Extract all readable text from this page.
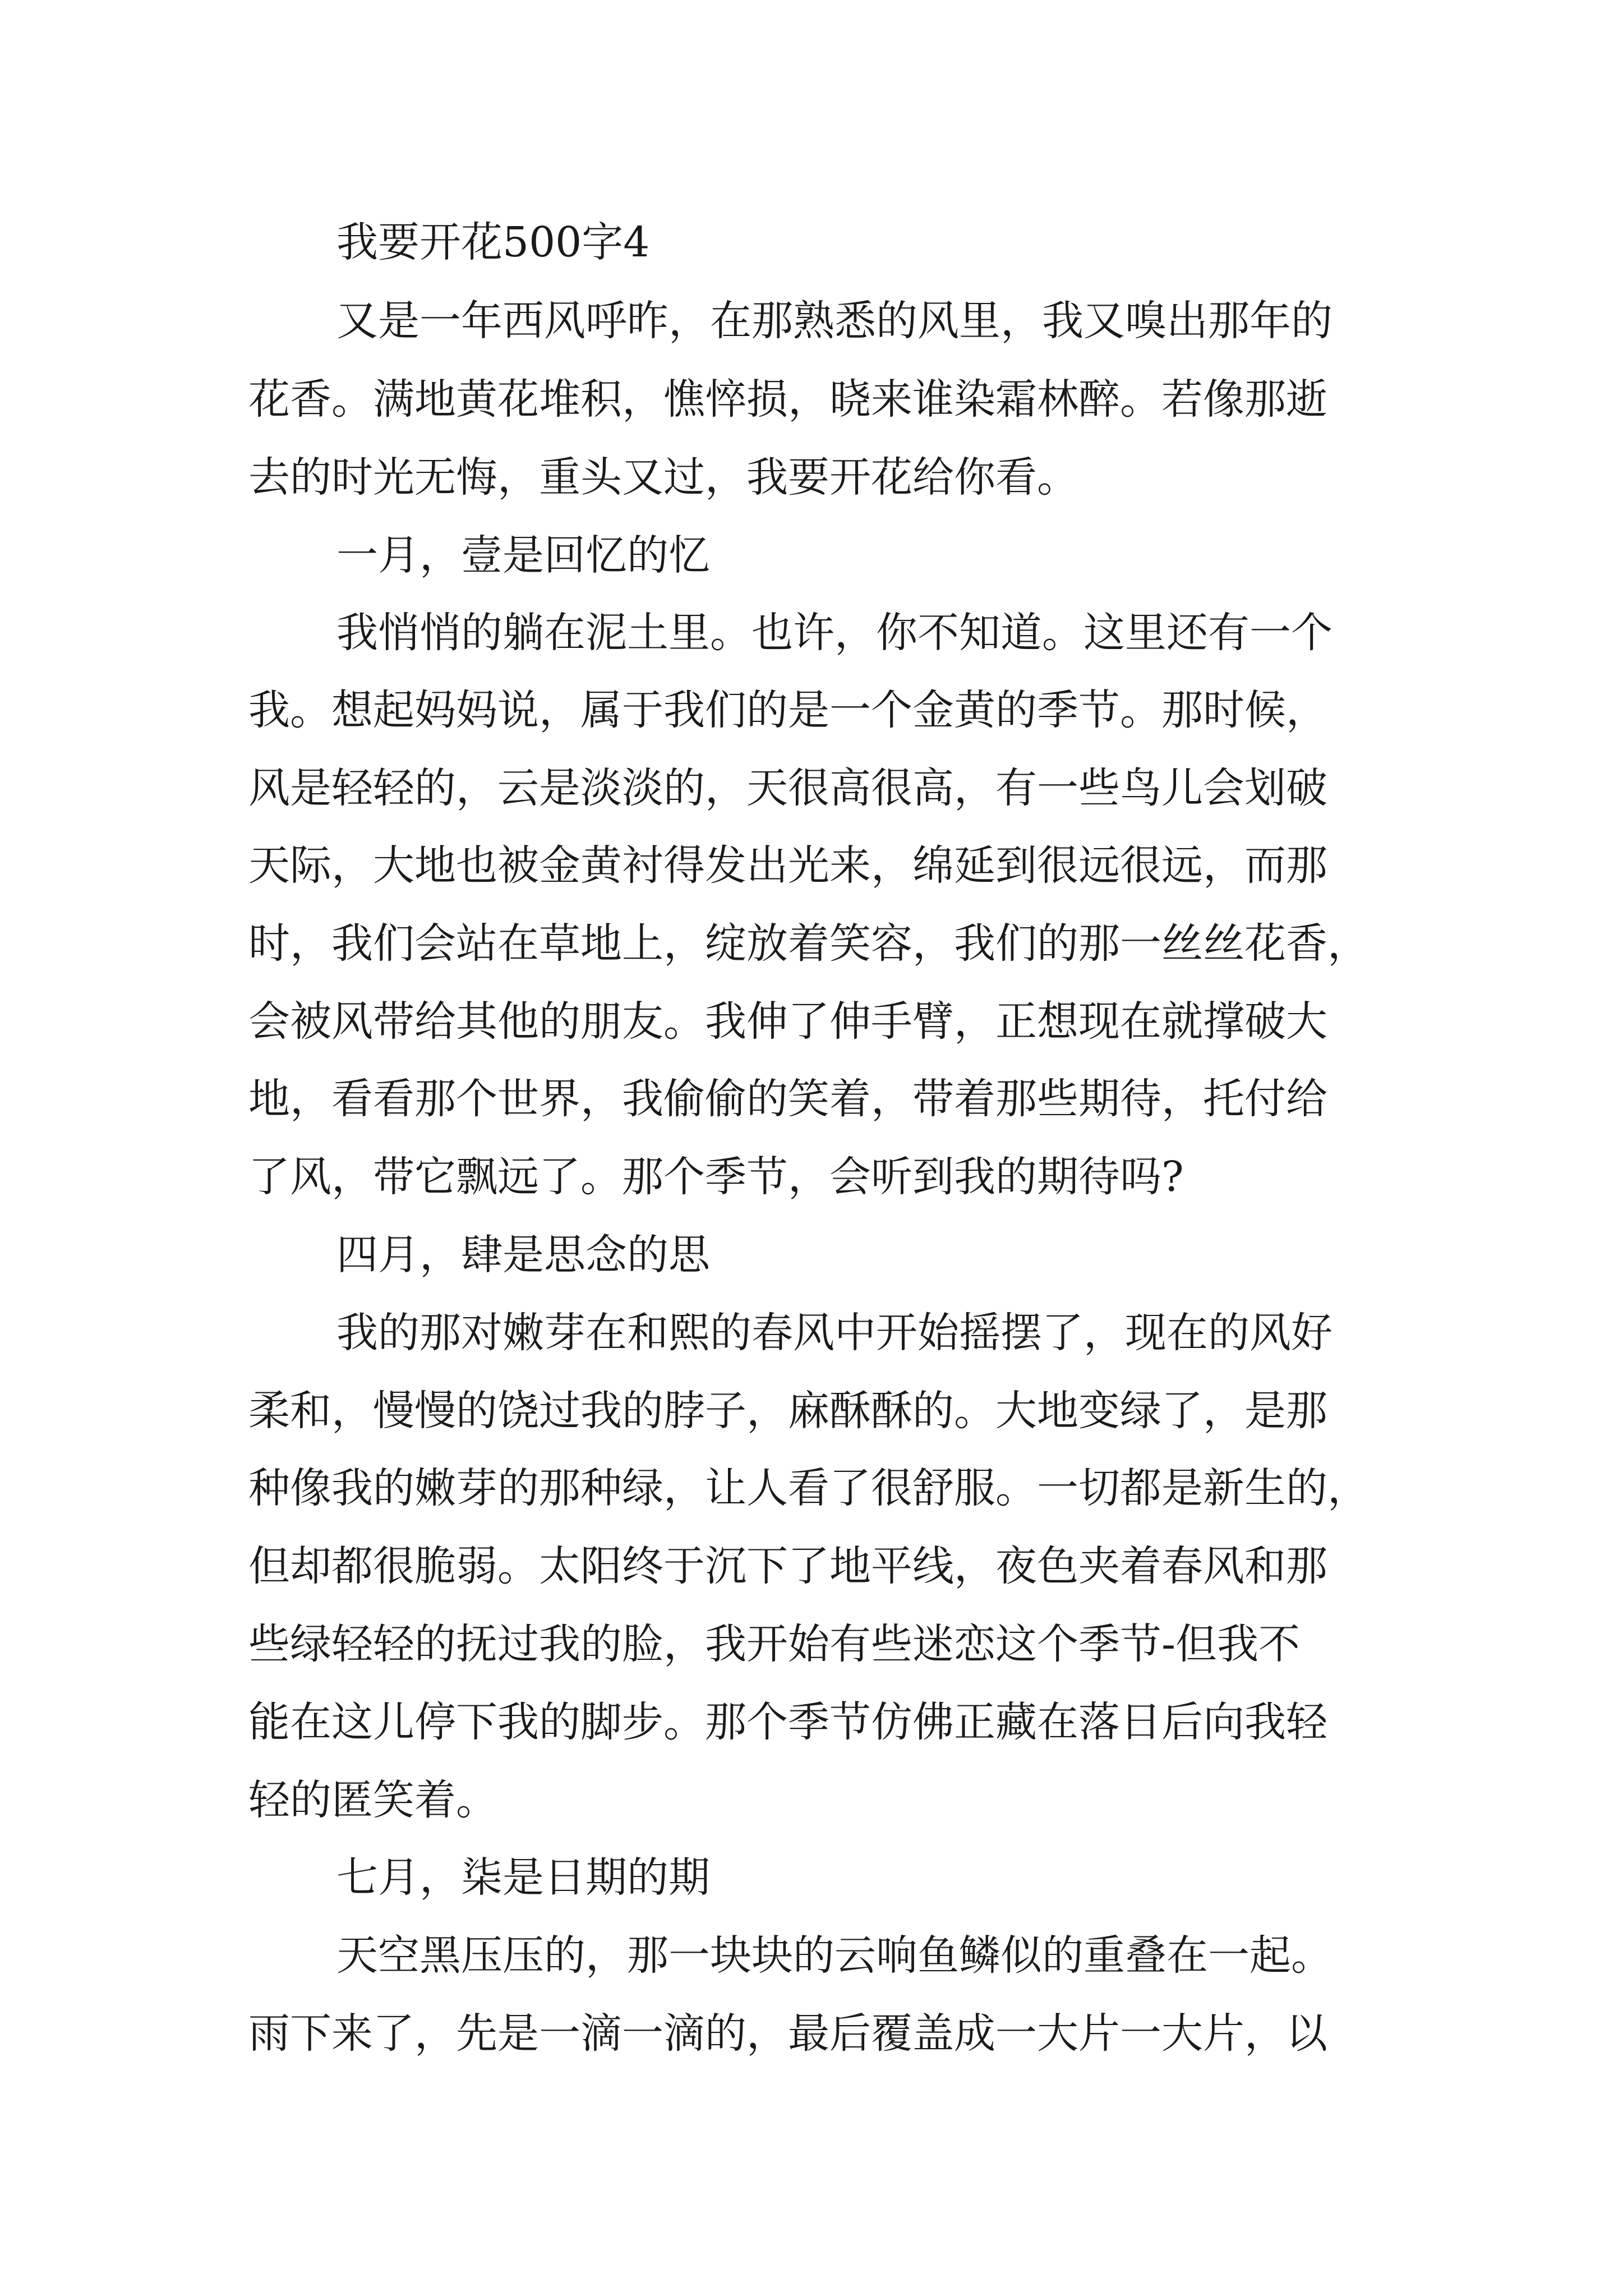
我要开花500字4

又是一年西风呼昨，在那熟悉的风里，我又嗅出那年的

花香。满地黄花堆积，憔悴损，晓来谁染霜林醉。若像那逝

去的时光无悔，重头又过，我要开花给你看。

一月，壹是回忆的忆

我悄悄的躺在泥土里。也许，你不知道。这里还有一个

我。想起妈妈说，属于我们的是一个金黄的季节。那时候，

风是轻轻的，云是淡淡的，天很高很高，有一些鸟儿会划破

天际，大地也被金黄衬得发出光来，绵延到很远很远，而那

时，我们会站在草地上，绽放着笑容，我们的那一丝丝花香，

会被风带给其他的朋友。我伸了伸手臂，正想现在就撑破大

地，看看那个世界，我偷偷的笑着，带着那些期待，托付给

了风，带它飘远了。那个季节，会听到我的期待吗?

四月，肆是思念的思

我的那对嫩芽在和熙的春风中开始摇摆了，现在的风好

柔和，慢慢的饶过我的脖子，麻酥酥的。大地变绿了，是那

种像我的嫩芽的那种绿，让人看了很舒服。一切都是新生的，

但却都很脆弱。太阳终于沉下了地平线，夜色夹着春风和那

些绿轻轻的抚过我的脸，我开始有些迷恋这个季节-但我不

能在这儿停下我的脚步。那个季节仿佛正藏在落日后向我轻

轻的匿笑着。

七月，柒是日期的期

天空黑压压的，那一块块的云响鱼鳞似的重叠在一起。

雨下来了，先是一滴一滴的，最后覆盖成一大片一大片，以
